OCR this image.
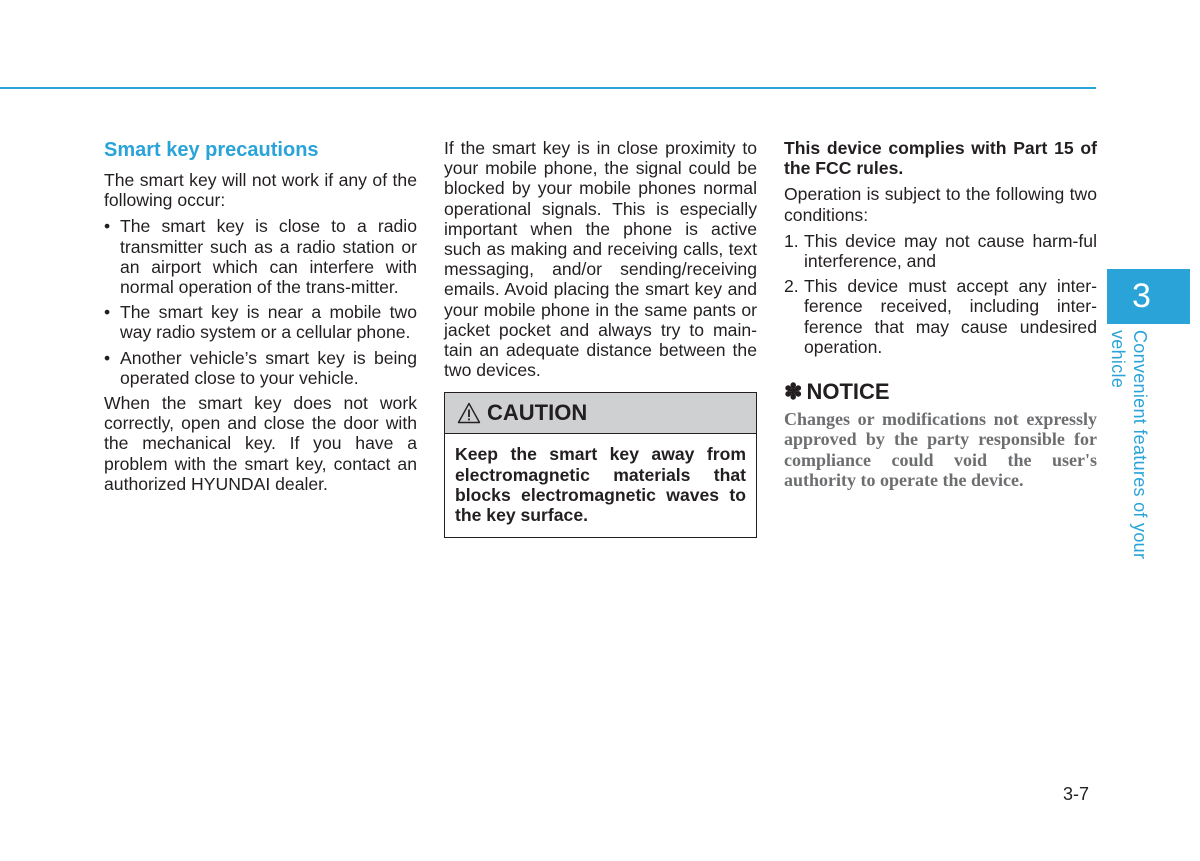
Smart key precautions

The smart key will not work if any of the following occur:

• The smart key is close to a radio transmitter such as a radio station or an airport which can interfere with normal operation of the trans-mitter.
• The smart key is near a mobile two way radio system or a cellular phone.
• Another vehicle’s smart key is being operated close to your vehicle.

When the smart key does not work correctly, open and close the door with the mechanical key. If you have a problem with the smart key, contact an authorized HYUNDAI dealer.

If the smart key is in close proximity to your mobile phone, the signal could be blocked by your mobile phones normal operational signals. This is especially important when the phone is active such as making and receiving calls, text messaging, and/or sending/receiving emails. Avoid placing the smart key and your mobile phone in the same pants or jacket pocket and always try to main-tain an adequate distance between the two devices.

CAUTION
Keep the smart key away from electromagnetic materials that blocks electromagnetic waves to the key surface.

This device complies with Part 15 of the FCC rules.

Operation is subject to the following two conditions:

1. This device may not cause harm-ful interference, and
2. This device must accept any inter-ference received, including inter-ference that may cause undesired operation.
✽ NOTICE
Changes or modifications not expressly approved by the party responsible for compliance could void the user's authority to operate the device.
3
Convenient features of your vehicle
3-7
